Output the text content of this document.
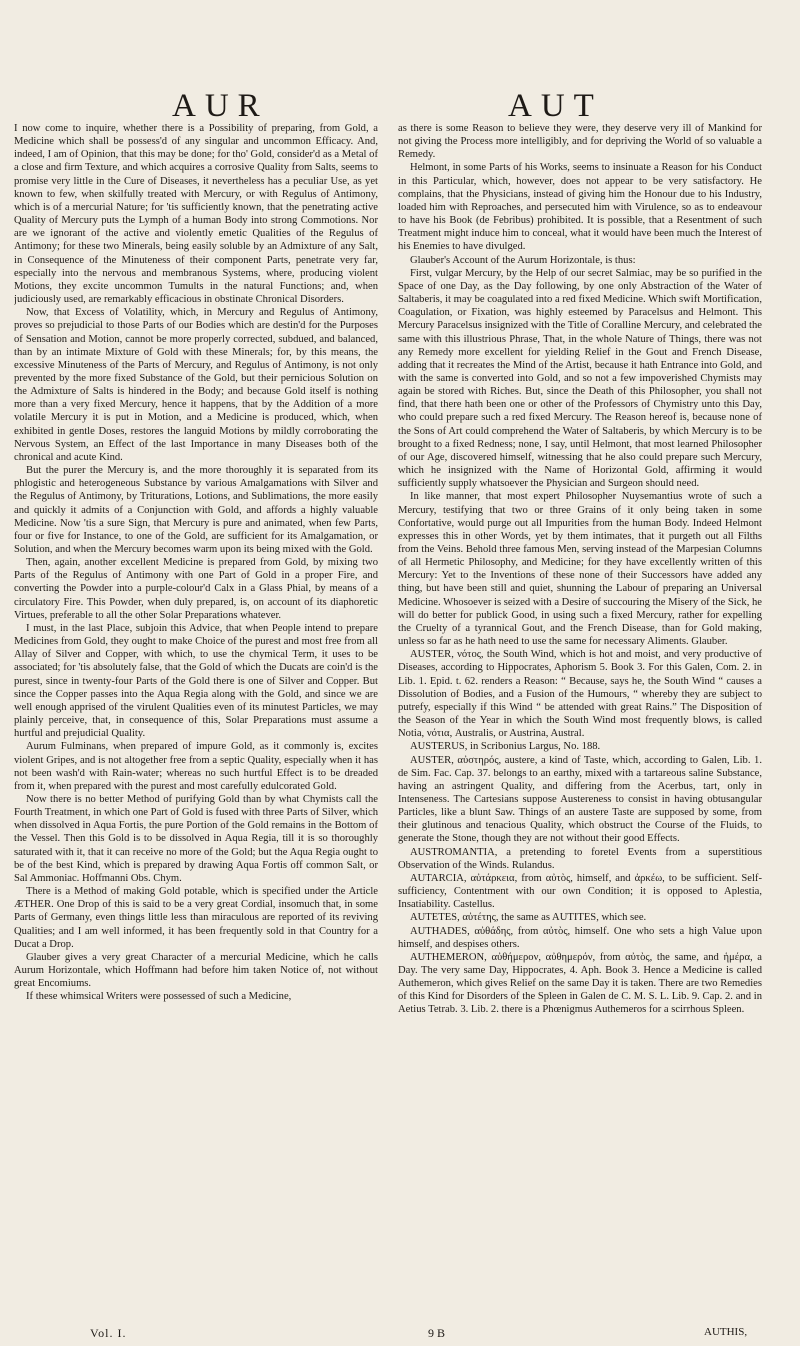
AUR	AUT

I now come to inquire, whether there is a Possibility of preparing, from Gold, a Medicine which shall be possess'd of any singular and uncommon Efficacy. And, indeed, I am of Opinion, that this may be done; for tho' Gold, consider'd as a Metal of a close and firm Texture, and which acquires a corrosive Quality from Salts, seems to promise very little in the Cure of Diseases, it nevertheless has a peculiar Use, as yet known to few, when skilfully treated with Mercury, or with Regulus of Antimony, which is of a mercurial Nature; for 'tis sufficiently known, that the penetrating active Quality of Mercury puts the Lymph of a human Body into strong Commotions. Nor are we ignorant of the active and violently emetic Qualities of the Regulus of Antimony; for these two Minerals, being easily soluble by an Admixture of any Salt, in Consequence of the Minuteness of their component Parts, penetrate very far, especially into the nervous and membranous Systems, where, producing violent Motions, they excite uncommon Tumults in the natural Functions; and, when judiciously used, are remarkably efficacious in obstinate Chronical Disorders.

Now, that Excess of Volatility, which, in Mercury and Regulus of Antimony, proves so prejudicial to those Parts of our Bodies which are destin'd for the Purposes of Sensation and Motion, cannot be more properly corrected, subdued, and balanced, than by an intimate Mixture of Gold with these Minerals; for, by this means, the excessive Minuteness of the Parts of Mercury, and Regulus of Antimony, is not only prevented by the more fixed Substance of the Gold, but their pernicious Solution on the Admixture of Salts is hindered in the Body; and because Gold itself is nothing more than a very fixed Mercury, hence it happens, that by the Addition of a more volatile Mercury it is put in Motion, and a Medicine is produced, which, when exhibited in gentle Doses, restores the languid Motions by mildly corroborating the Nervous System, an Effect of the last Importance in many Diseases both of the chronical and acute Kind.

But the purer the Mercury is, and the more thoroughly it is separated from its phlogistic and heterogeneous Substance by various Amalgamations with Silver and the Regulus of Antimony, by Triturations, Lotions, and Sublimations, the more easily and quickly it admits of a Conjunction with Gold, and affords a highly valuable Medicine. Now 'tis a sure Sign, that Mercury is pure and animated, when few Parts, four or five for Instance, to one of the Gold, are sufficient for its Amalgamation, or Solution, and when the Mercury becomes warm upon its being mixed with the Gold.

Then, again, another excellent Medicine is prepared from Gold, by mixing two Parts of the Regulus of Antimony with one Part of Gold in a proper Fire, and converting the Powder into a purple-colour'd Calx in a Glass Phial, by means of a circulatory Fire. This Powder, when duly prepared, is, on account of its diaphoretic Virtues, preferable to all the other Solar Preparations whatever.

I must, in the last Place, subjoin this Advice, that when People intend to prepare Medicines from Gold, they ought to make Choice of the purest and most free from all Allay of Silver and Copper, with which, to use the chymical Term, it uses to be associated; for 'tis absolutely false, that the Gold of which the Ducats are coin'd is the purest, since in twenty-four Parts of the Gold there is one of Silver and Copper. But since the Copper passes into the Aqua Regia along with the Gold, and since we are well enough apprised of the virulent Qualities even of its minutest Particles, we may plainly perceive, that, in consequence of this, Solar Preparations must assume a hurtful and prejudicial Quality.

Aurum Fulminans, when prepared of impure Gold, as it commonly is, excites violent Gripes, and is not altogether free from a septic Quality, especially when it has not been wash'd with Rain-water; whereas no such hurtful Effect is to be dreaded from it, when prepared with the purest and most carefully edulcorated Gold.

Now there is no better Method of purifying Gold than by what Chymists call the Fourth Treatment, in which one Part of Gold is fused with three Parts of Silver, which when dissolved in Aqua Fortis, the pure Portion of the Gold remains in the Bottom of the Vessel. Then this Gold is to be dissolved in Aqua Regia, till it is so thoroughly saturated with it, that it can receive no more of the Gold; but the Aqua Regia ought to be of the best Kind, which is prepared by drawing Aqua Fortis off common Salt, or Sal Ammoniac. Hoffmanni Obs. Chym.

There is a Method of making Gold potable, which is specified under the Article ÆTHER. One Drop of this is said to be a very great Cordial, insomuch that, in some Parts of Germany, even things little less than miraculous are reported of its reviving Qualities; and I am well informed, it has been frequently sold in that Country for a Ducat a Drop.

Glauber gives a very great Character of a mercurial Medicine, which he calls Aurum Horizontale, which Hoffmann had before him taken Notice of, not without great Encomiums.

If these whimsical Writers were possessed of such a Medicine,

as there is some Reason to believe they were, they deserve very ill of Mankind for not giving the Process more intelligibly, and for depriving the World of so valuable a Remedy.

Helmont, in some Parts of his Works, seems to insinuate a Reason for his Conduct in this Particular, which, however, does not appear to be very satisfactory. He complains, that the Physicians, instead of giving him the Honour due to his Industry, loaded him with Reproaches, and persecuted him with Virulence, so as to endeavour to have his Book (de Febribus) prohibited. It is possible, that a Resentment of such Treatment might induce him to conceal, what it would have been much the Interest of his Enemies to have divulged.

Glauber's Account of the Aurum Horizontale, is thus:

First, vulgar Mercury, by the Help of our secret Salmiac, may be so purified in the Space of one Day, as the Day following, by one only Abstraction of the Water of Saltaberis, it may be coagulated into a red fixed Medicine. Which swift Mortification, Coagulation, or Fixation, was highly esteemed by Paracelsus and Helmont. This Mercury Paracelsus insignized with the Title of Coralline Mercury, and celebrated the same with this illustrious Phrase, That, in the whole Nature of Things, there was not any Remedy more excellent for yielding Relief in the Gout and French Disease, adding that it recreates the Mind of the Artist, because it hath Entrance into Gold, and with the same is converted into Gold, and so not a few impoverished Chymists may again be stored with Riches. But, since the Death of this Philosopher, you shall not find, that there hath been one or other of the Professors of Chymistry unto this Day, who could prepare such a red fixed Mercury. The Reason hereof is, because none of the Sons of Art could comprehend the Water of Saltaberis, by which Mercury is to be brought to a fixed Redness; none, I say, until Helmont, that most learned Philosopher of our Age, discovered himself, witnessing that he also could prepare such Mercury, which he insignized with the Name of Horizontal Gold, affirming it would sufficiently supply whatsoever the Physician and Surgeon should need.

In like manner, that most expert Philosopher Nuysemantius wrote of such a Mercury, testifying that two or three Grains of it only being taken in some Confortative, would purge out all Impurities from the human Body. Indeed Helmont expresses this in other Words, yet by them intimates, that it purgeth out all Filths from the Veins. Behold three famous Men, serving instead of the Marpesian Columns of all Hermetic Philosophy, and Medicine; for they have excellently written of this Mercury: Yet to the Inventions of these none of their Successors have added any thing, but have been still and quiet, shunning the Labour of preparing an Universal Medicine. Whosoever is seized with a Desire of succouring the Misery of the Sick, he will do better for publick Good, in using such a fixed Mercury, rather for expelling the Cruelty of a tyrannical Gout, and the French Disease, than for Gold making, unless so far as he hath need to use the same for necessary Aliments. Glauber.

AUSTER, νότος, the South Wind, which is hot and moist, and very productive of Diseases, according to Hippocrates, Aphorism 5. Book 3. For this Galen, Com. 2. in Lib. 1. Epid. t. 62. renders a Reason: “ Because, says he, the South Wind “ causes a Dissolution of Bodies, and a Fusion of the Humours, “ whereby they are subject to putrefy, especially if this Wind “ be attended with great Rains.” The Disposition of the Season of the Year in which the South Wind most frequently blows, is called Notia, νότια, Australis, or Austrina, Austral.

AUSTERUS, in Scribonius Largus, No. 188.

AUSTER, αὐστηρός, austere, a kind of Taste, which, according to Galen, Lib. 1. de Sim. Fac. Cap. 37. belongs to an earthy, mixed with a tartareous saline Substance, having an astringent Quality, and differing from the Acerbus, tart, only in Intenseness. The Cartesians suppose Austereness to consist in having obtusangular Particles, like a blunt Saw. Things of an austere Taste are supposed by some, from their glutinous and tenacious Quality, which obstruct the Course of the Fluids, to generate the Stone, though they are not without their good Effects.

AUSTROMANTIA, a pretending to foretel Events from a superstitious Observation of the Winds. Rulandus.

AUTARCIA, αὐτάρκεια, from αὐτὸς, himself, and ἀρκέω, to be sufficient. Self-sufficiency, Contentment with our own Condition; it is opposed to Aplestia, Insatiability. Castellus.

AUTETES, αὐτέτης, the same as AUTITES, which see.

AUTHADES, αὐθάδης, from αὐτὸς, himself. One who sets a high Value upon himself, and despises others.

AUTHEMERON, αὐθήμερον, αὐθημερόν, from αὐτὸς, the same, and ἡμέρα, a Day. The very same Day, Hippocrates, 4. Aph. Book 3. Hence a Medicine is called Authemeron, which gives Relief on the same Day it is taken. There are two Remedies of this Kind for Disorders of the Spleen in Galen de C. M. S. L. Lib. 9. Cap. 2. and in Aetius Tetrab. 3. Lib. 2. there is a Phœnigmus Authemeros for a scirrhous Spleen.

Vol. I.	9 B	AUTHIS,
